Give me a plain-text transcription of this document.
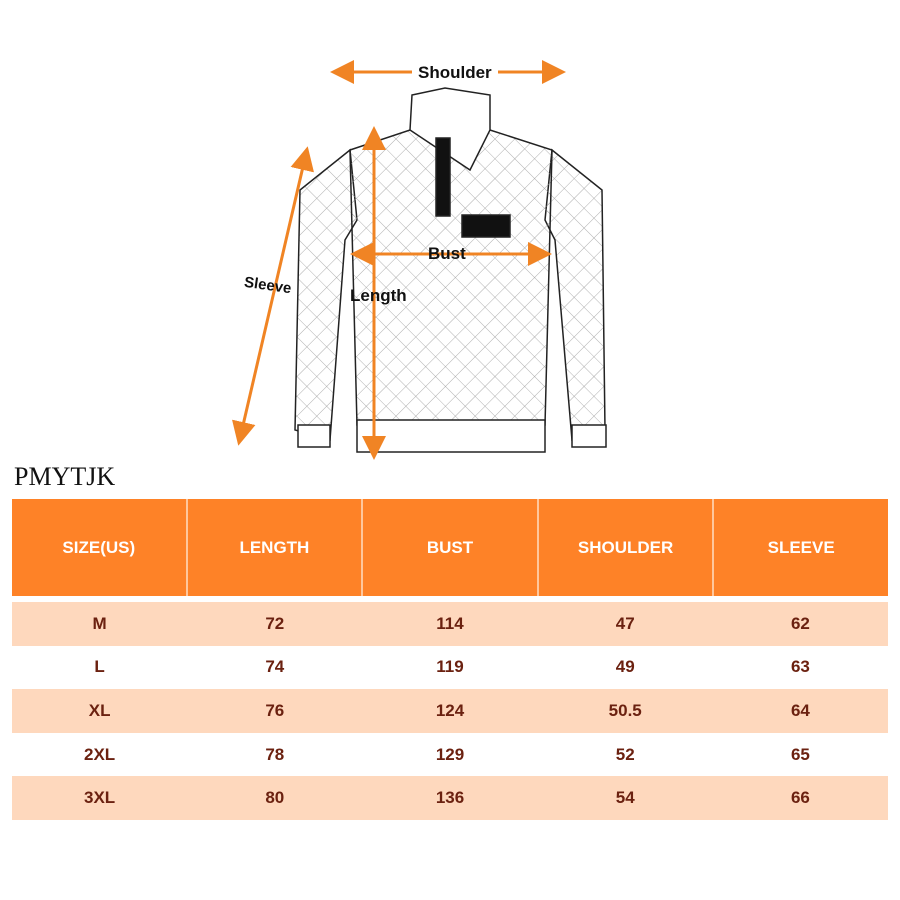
Shoulder
Bust
Length
Sleeve
PMYTJK
SIZE(US)	LENGTH	BUST	SHOULDER	SLEEVE
M	72	114	47	62
L	74	119	49	63
XL	76	124	50.5	64
2XL	78	129	52	65
3XL	80	136	54	66
